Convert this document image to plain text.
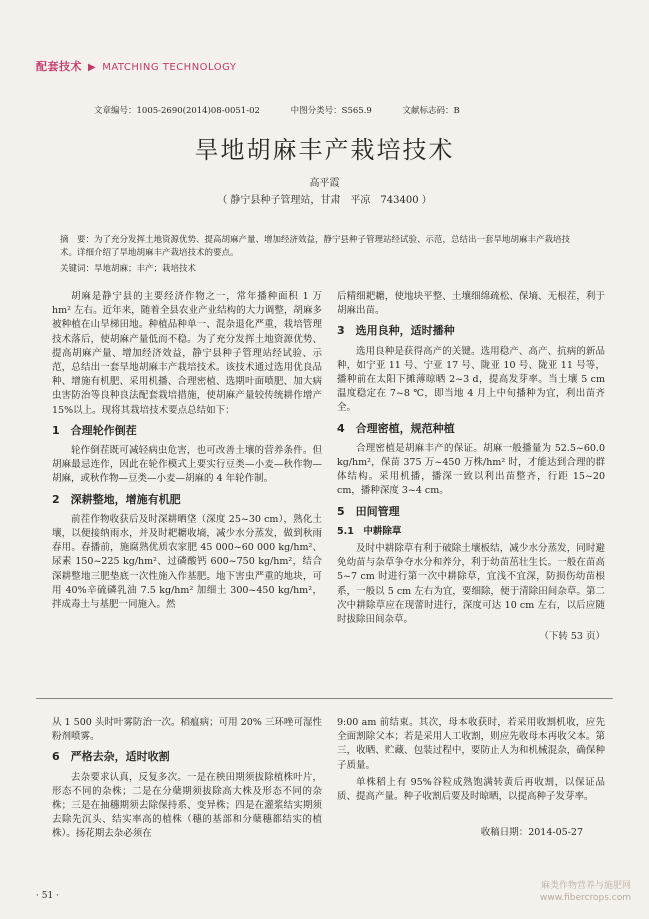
配套技术 ▶ MATCHING TECHNOLOGY
文章编号：1005-2690(2014)08-0051-02	中图分类号：S565.9	文献标志码：B
旱地胡麻丰产栽培技术
高平霞
（ 静宁县种子管理站，甘肃　平凉　743400 ）
摘　要：为了充分发挥土地资源优势、提高胡麻产量、增加经济效益，静宁县种子管理站经试验、示范，总结出一套旱地胡麻丰产栽培技术。详细介绍了旱地胡麻丰产栽培技术的要点。
关键词：旱地胡麻；丰产；栽培技术

胡麻是静宁县的主要经济作物之一，常年播种面积 1 万 hm² 左右。近年来，随着全县农业产业结构的大力调整，胡麻多被种植在山旱梯田地。种植品种单一、混杂退化严重，栽培管理技术落后，使胡麻产量低而不稳。为了充分发挥土地资源优势、提高胡麻产量、增加经济效益，静宁县种子管理站经试验、示范，总结出一套旱地胡麻丰产栽培技术。该技术通过选用优良品种、增施有机肥、采用机播、合理密植、选期叶面喷肥、加大病虫害防治等良种良法配套栽培措施，使胡麻产量较传统耕作增产 15%以上。现将其栽培技术要点总结如下：

1　合理轮作倒茬

轮作倒茬既可减轻病虫危害，也可改善土壤的营养条件。但胡麻最忌连作，因此在轮作模式上要实行豆类—小麦—秋作物—胡麻，或秋作物—豆类—小麦—胡麻的 4 年轮作制。

2　深耕整地，增施有机肥

前茬作物收获后及时深耕晒垡（深度 25~30 cm），熟化土壤，以便接纳雨水，并及时耙耱收墒，减少水分蒸发，做到秋雨春用。春播前，施腐熟优质农家肥 45 000~60 000 kg/hm²、尿素 150~225 kg/hm²、过磷酸钙 600~750 kg/hm²，结合深耕整地三肥垫底一次性施入作基肥。地下害虫严重的地块，可用 40%辛硫磷乳油 7.5 kg/hm² 加细土 300~450 kg/hm²，拌成毒土与基肥一同施入。然

后精细耙耱，使地块平整、土壤细绵疏松、保墒、无根茬，利于胡麻出苗。

3　选用良种，适时播种

选用良种是获得高产的关键。选用稳产、高产、抗病的新品种，如宁亚 11 号、宁亚 17 号、陇亚 10 号、陇亚 11 号等，播种前在太阳下摊薄晾晒 2~3 d，提高发芽率。当土壤 5 cm 温度稳定在 7~8 ℃，即当地 4 月上中旬播种为宜，利出苗齐全。

4　合理密植，规范种植

合理密植是胡麻丰产的保证。胡麻一般播量为 52.5~60.0 kg/hm²，保苗 375 万~450 万株/hm² 时，才能达到合理的群体结构。采用机播，播深一致以利出苗整齐，行距 15~20 cm，播种深度 3~4 cm。

5　田间管理
5.1　中耕除草

及时中耕除草有利于破除土壤板结，减少水分蒸发，同时避免幼苗与杂草争夺水分和养分，利于幼苗茁壮生长。一般在苗高 5~7 cm 时进行第一次中耕除草，宜浅不宜深，防损伤幼苗根系，一般以 5 cm 左右为宜，要细除，便于清除田间杂草。第二次中耕除草应在现蕾时进行，深度可达 10 cm 左右，以后应随时拔除田间杂草。

（下转 53 页）

从 1 500 头时叶雾防治一次。稻瘟病；可用 20% 三环唑可湿性粉剂喷雾。

6　严格去杂，适时收割

去杂要求认真，反复多次。一是在秧田期须拔除植株叶片，形态不同的杂株；二是在分蘖期须拔除高大株及形态不同的杂株；三是在抽穗期须去除保持系、变异株；四是在灌浆结实期须去除先沉头、结实率高的植株（穗的基部和分蘖穗都结实的植株）。扬花期去杂必须在

9:00 am 前结束。其次，母本收获时，若采用收割机收，应先全面割除父本；若是采用人工收割，则应先收母本再收父本。第三，收晒、贮藏、包装过程中，要防止人为和机械混杂，确保种子质量。

单株稻上有 95%谷粒成熟饱满转黄后再收割，以保证品质、提高产量。种子收割后要及时晾晒，以提高种子发芽率。

收稿日期：2014-05-27
· 51 ·
麻类作物营养与施肥网
www.fibercrops.com
